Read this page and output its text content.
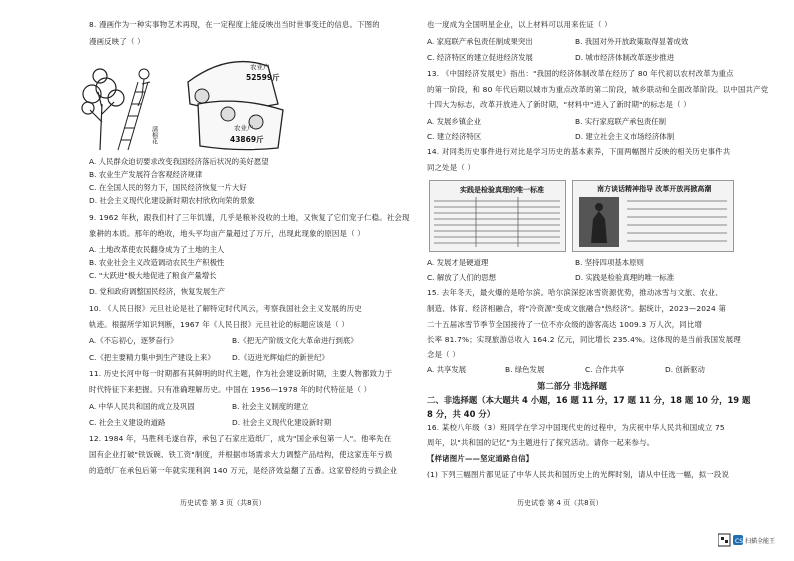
8. 漫画作为一种实事物艺术再现，在一定程度上能反映出当时世事变迁的信息。下图的
漫画反映了（ ）
农业户
52599斤
农业户
43869斤
满棉花
A. 人民群众迫切要求改变我国经济落后状况的美好愿望
B. 农业生产发展符合客观经济规律
C. 在全国人民的努力下，国民经济恢复一片大好
D. 社会主义现代化建设新时期农村欣欣向荣的景象
9. 1962 年秋，跟我们村了三年饥馑，几乎是粮补没收的土地，又恢复了它们宠子仁稳。社会现
象耕的本质。那年的绝收，地头平均亩产量超过了万斤，出现此现象的原因是（ ）
A. 土地改革使农民翻身成为了土地的主人
B. 农业社会主义改造调动农民生产积极性
C. "大跃进"极大地促进了粮食产量增长
D. 党和政府调整国民经济，恢复发展生产
10. 《人民日报》元旦社论是社了解特定时代风云，考察我国社会主义发展的历史
轨迹。根据所学知识判断，1967 年《人民日报》元旦社论的标题应该是（ ）
A.《不忘初心，逐梦奋行》	B.《把无产阶级文化大革命进行到底》
C.《把主要精力集中到生产建设上来》 D.《迈进光辉灿烂的新世纪》
11. 历史长河中每一时期都有其鲜明的时代主题，作为社会建设新时期，主要人物都致力于
时代特征下来把握。只有准确理解历史。中国在 1956—1978 年的时代特征是（ ）
A. 中华人民共和国的成立及巩固	B. 社会主义制度的建立
C. 社会主义建设的道路	D. 社会主义现代化建设新时期
12. 1984 年，马胜利毛遂自荐，承包了石家庄造纸厂，成为"国企承包第一人"。他率先在
国有企业打破"铁饭碗、铁工资"制度，并根据市场需求大力调整产品结构，使这家连年亏损
的造纸厂在承包后第一年就实现利润 140 万元，是经济效益翻了五番。这家曾经的亏损企业
历史试卷 第 3 页（共8页）
也一度成为全国明星企业，以上材料可以用来佐证（ ）
A. 家庭联产承包责任制成果突出	B. 我国对外开放政策取得显著成效
C. 经济特区的建立促进经济发展	D. 城市经济体制改革逐步推进
13. 《中国经济发展史》指出："我国的经济体制改革在经历了 80 年代初以农村改革为重点
的第一阶段，和 80 年代后期以城市为重点改革的第二阶段，城乡联动和全面改革阶段。以中国共产党
十四大为标志，改革开放进入了新时期，"材料中"进入了新时期"的标志是（ ）
A. 发展乡镇企业	B. 实行家庭联产承包责任制
C. 建立经济特区	D. 建立社会主义市场经济体制
14. 对同类历史事件进行对比是学习历史的基本素养，下面两幅图片反映的相关历史事件共
同之处是（ ）
实践是检验真理的唯一标准	南方谈话精神指导 改革开放再掀高潮
A. 发展才是硬道理	B. 坚持四项基本原则
C. 解放了人们的思想	D. 实践是检验真理的唯一标准
15. 去年冬天，最火爆的是哈尔滨。哈尔滨深挖冰雪资源优势，推动冰雪与文旅、农业、
制造、体育、经济相融合，将"冷资源"变成文旅融合"热经济"。据统计，2023—2024 第
二十五届冰雪节季节全国接待了一位不亦众级的游客高达 1009.3 万人次，同比增
长率 81.7%；实现旅游总收入 164.2 亿元，同比增长 235.4%。这体现的是当前我国发展理
念是（ ）
A. 共享发展	B. 绿色发展	C. 合作共享	D. 创新驱动
第二部分 非选择题
二、非选择题（本大题共 4 小题，16 题 11 分，17 题 11 分，18 题 10 分，19 题
8 分，共 40 分）
16. 某校八年级（3）班同学在学习中国现代史的过程中，为庆祝中华人民共和国成立 75
周年，以"共和国的记忆"为主题进行了探究活动。请你一起来参与。
【样诸图片——坚定道路自信】
(1) 下列三幅图片都见证了中华人民共和国历史上的光辉时刻，请从中任选一幅，拟一段说
历史试卷 第 4 页（共8页）
CS 扫描全能王
